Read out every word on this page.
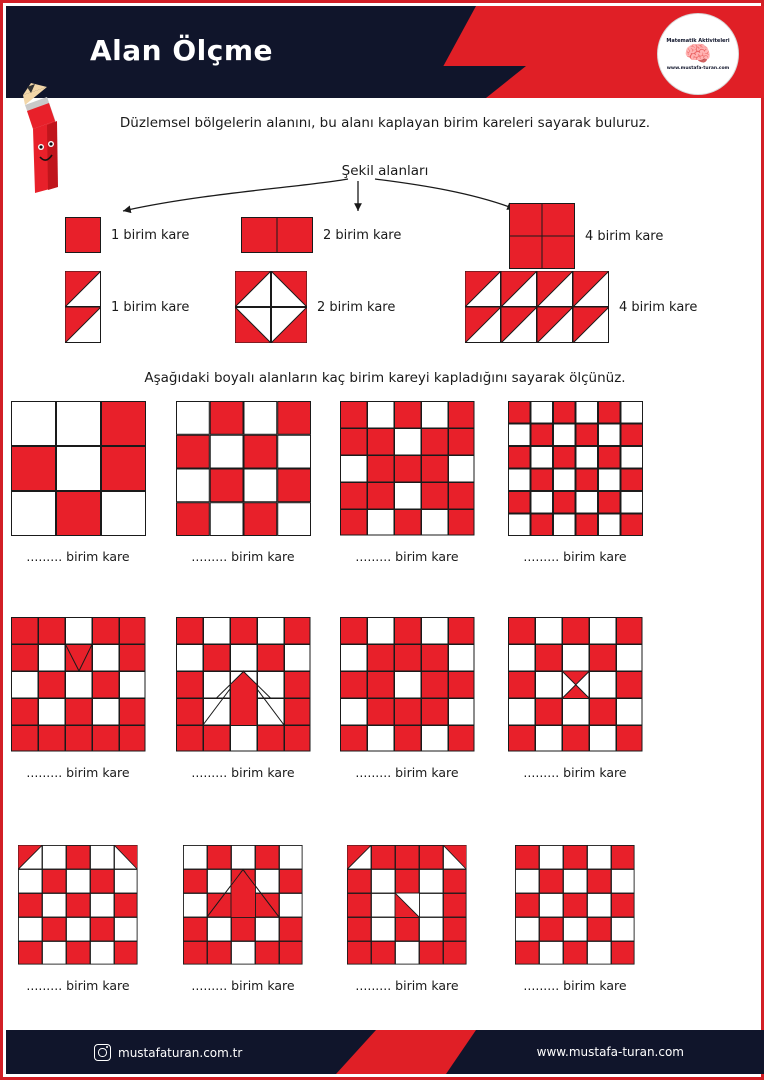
Alan Ölçme	Matematik Aktiviteleri
🧠
www.mustafa-turan.com
Düzlemsel bölgelerin alanını, bu alanı kaplayan birim kareleri sayarak buluruz.
Şekil alanları
1 birim kare	2 birim kare	4 birim kare
1 birim kare	2 birim kare	4 birim kare
Aşağıdaki boyalı alanların kaç birim kareyi kapladığını sayarak ölçünüz.
......... birim kare	......... birim kare	......... birim kare	......... birim kare
......... birim kare	......... birim kare	......... birim kare	......... birim kare
......... birim kare	......... birim kare	......... birim kare	......... birim kare
mustafaturan.com.tr	www.mustafa-turan.com
